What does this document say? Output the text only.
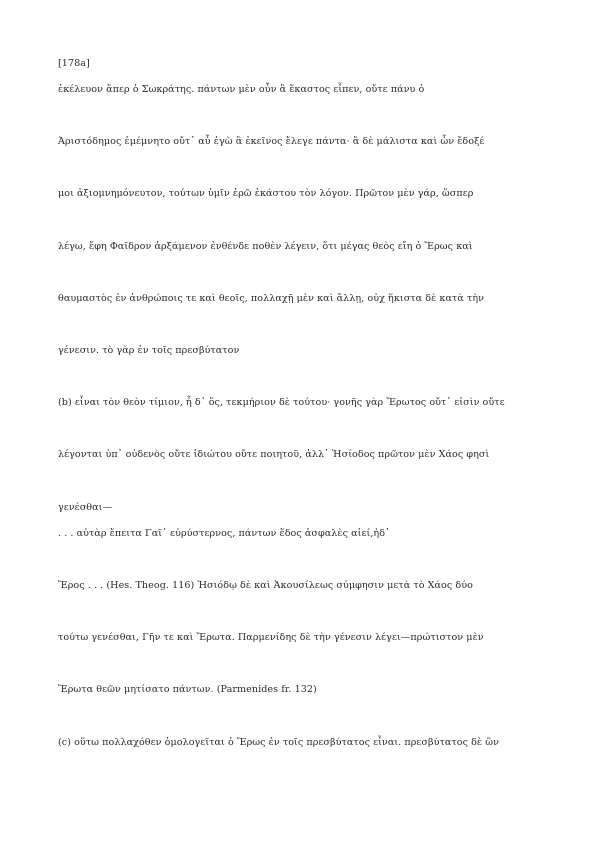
[178a]
ἐκέλευον ἅπερ ὁ Σωκράτης. πάντων μὲν οὖν ἃ ἕκαστος εἶπεν, οὔτε πάνυ ὁ
Ἀριστόδημος ἐμέμνητο οὔτ᾽ αὖ ἐγὼ ἃ ἐκεῖνος ἔλεγε πάντα· ἃ δὲ μάλιστα καὶ ὧν ἔδοξέ
μοι ἀξιομνημόνευτον, τούτων ὑμῖν ἐρῶ ἑκάστου τὸν λόγον. Πρῶτον μὲν γάρ, ὥσπερ
λέγω, ἔφη Φαῖδρον ἀρξάμενον ἐνθένδε ποθὲν λέγειν, ὅτι μέγας θεὸς εἴη ὁ Ἔρως καὶ
θαυμαστὸς ἐν ἀνθρώποις τε καὶ θεοῖς, πολλαχῇ μὲν καὶ ἄλλῃ, οὐχ ἥκιστα δὲ κατὰ τὴν
γένεσιν. τὸ γὰρ ἐν τοῖς πρεσβύτατον
(b) εἶναι τὸν θεὸν τίμιον, ἦ δ᾽ ὅς, τεκμήριον δὲ τούτου· γονῆς γὰρ Ἔρωτος οὔτ᾽ εἰσὶν οὔτε
λέγονται ὑπ᾽ οὐδενὸς οὔτε ἰδιώτου οὔτε ποιητοῦ, ἀλλ᾽ Ἡσίοδος πρῶτον μὲν Χάος φησὶ
γενέσθαι—
. . . αὐτὰρ ἔπειτα Γαῖ᾽ εὐρύστερνος, πάντων ἕδος ἀσφαλὲς αἰεί,ἠδ᾽
Ἔρος . . . (Hes. Theog. 116) Ἡσιόδῳ δὲ καὶ Ἀκουσίλεως σύμφησιν μετὰ τὸ Χάος δύο
τούτω γενέσθαι, Γῆν τε καὶ Ἔρωτα. Παρμενίδης δὲ τὴν γένεσιν λέγει—πρώτιστον μὲν
Ἔρωτα θεῶν μητίσατο πάντων. (Parmenides fr. 132)
(c) οὕτω πολλαχόθεν ὁμολογεῖται ὁ Ἔρως ἐν τοῖς πρεσβύτατος εἶναι. πρεσβύτατος δὲ ὢν
